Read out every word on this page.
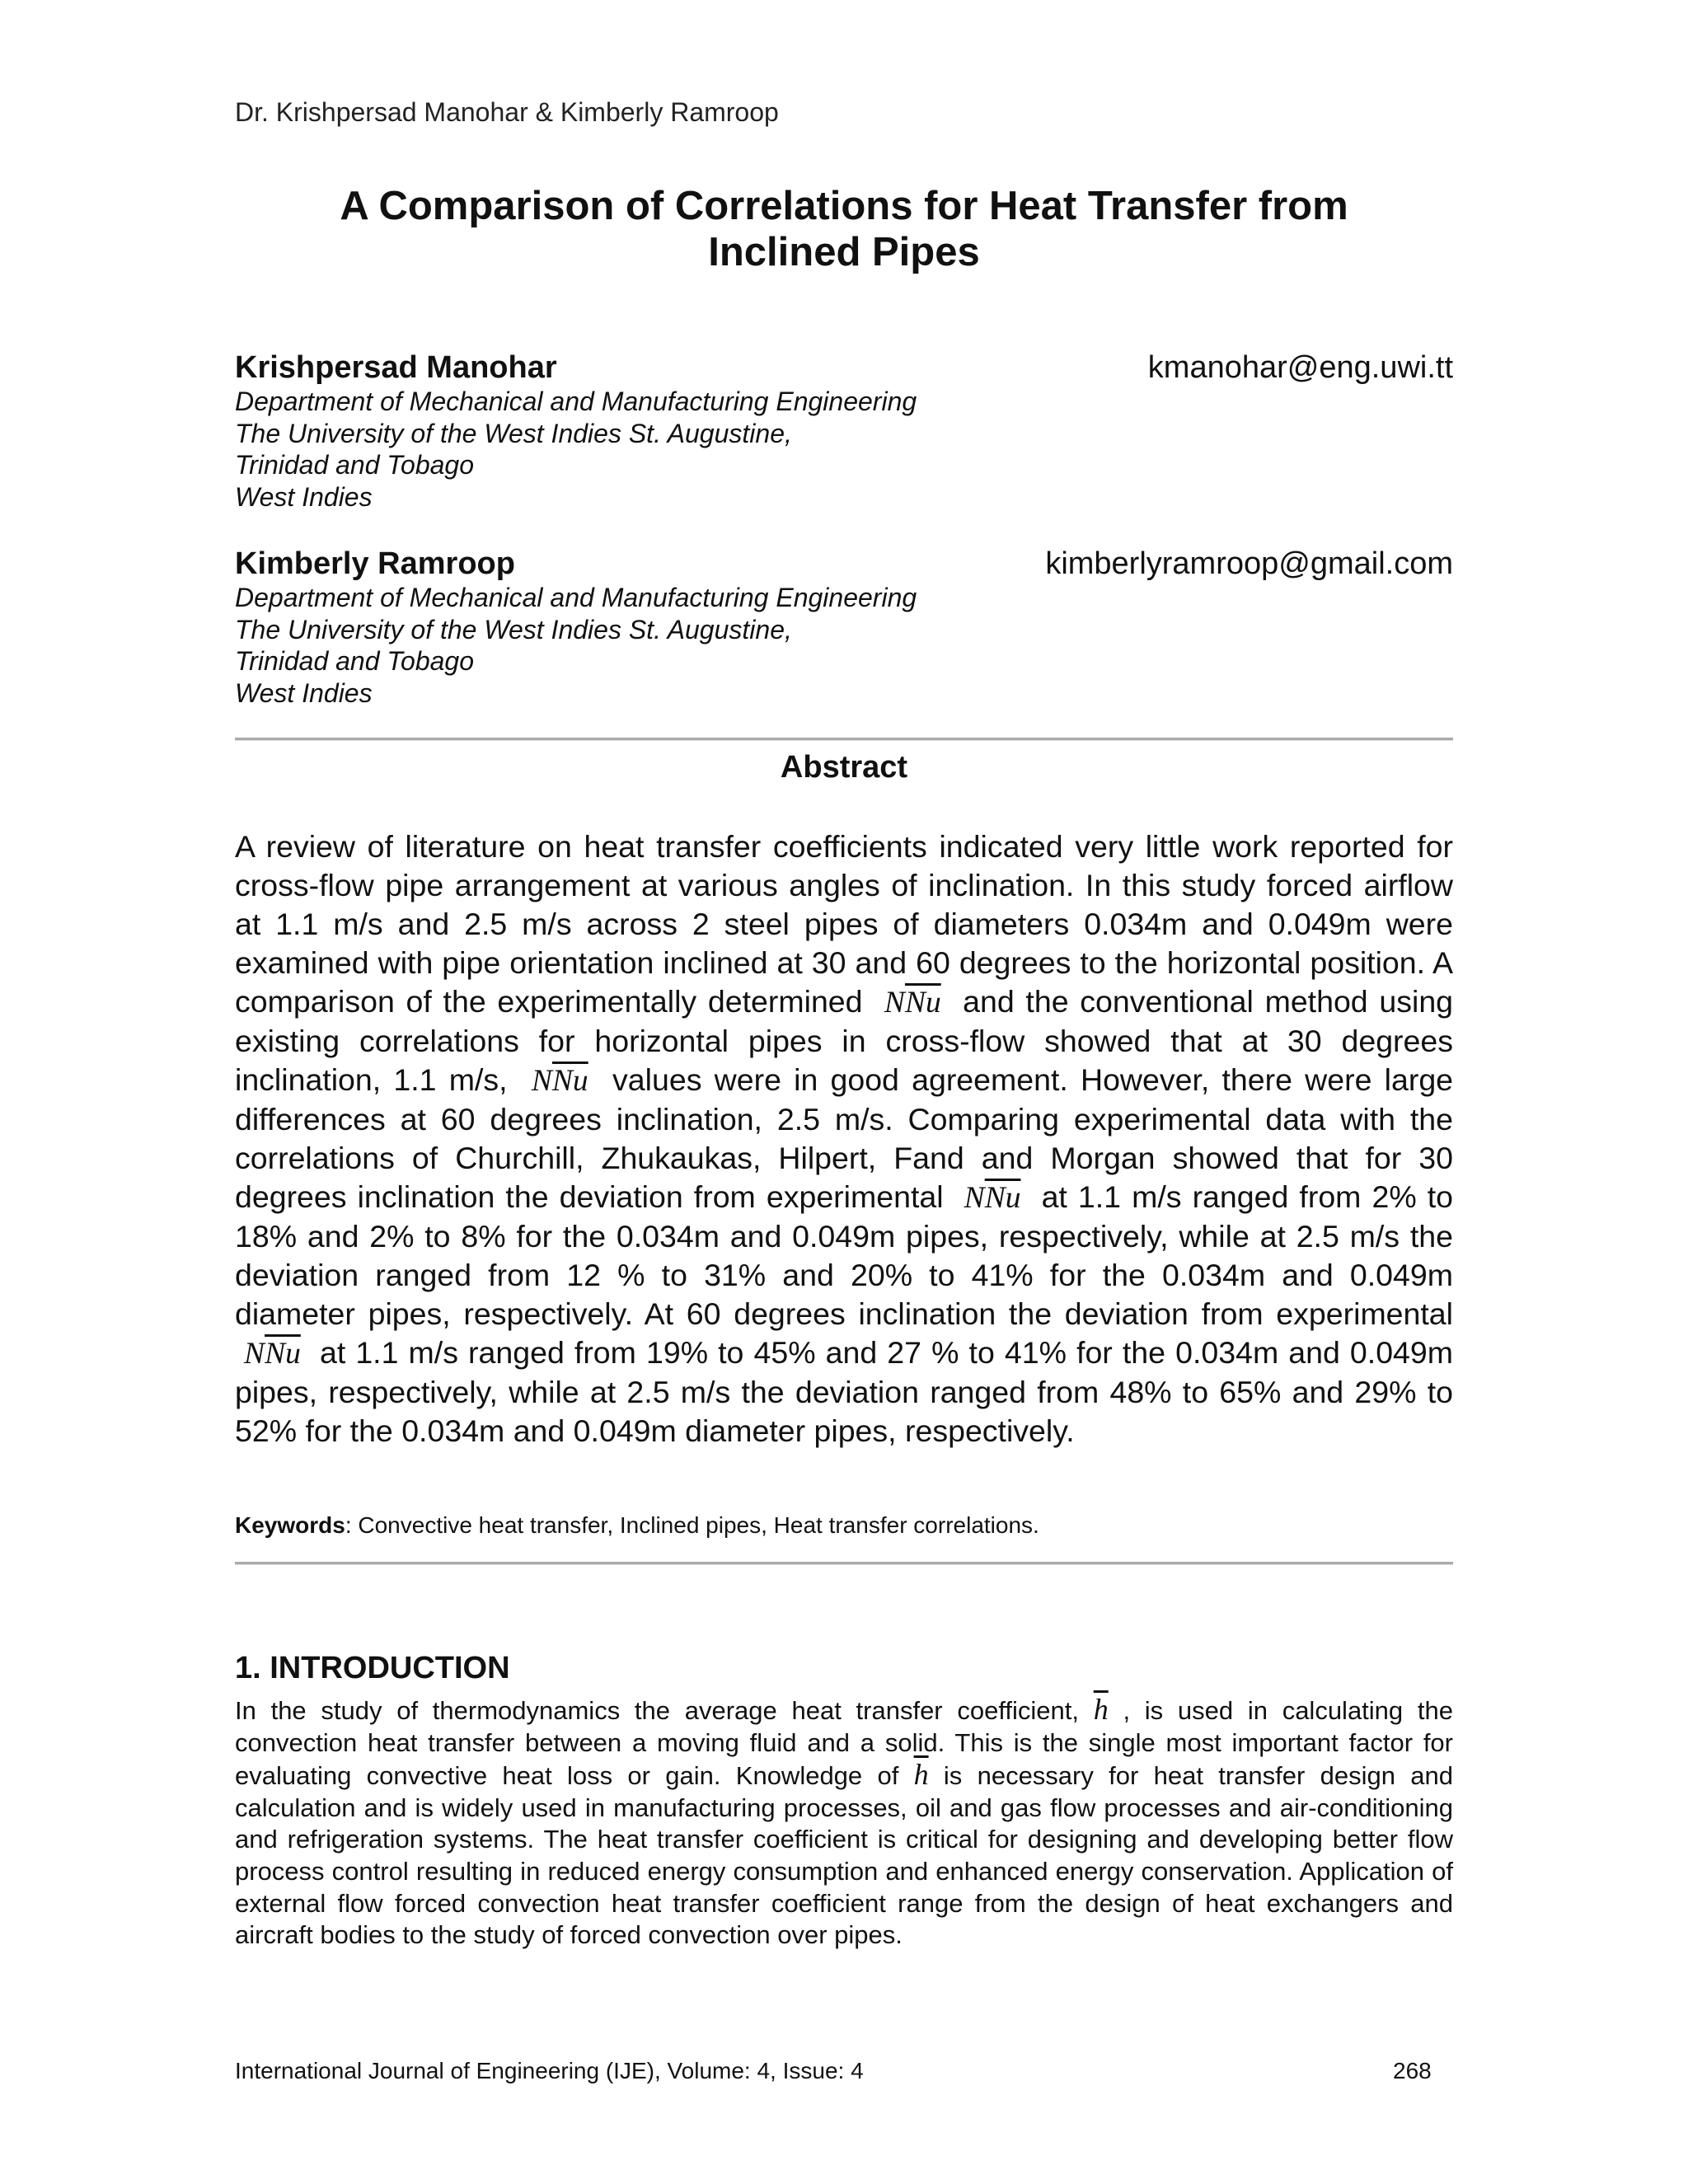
Dr. Krishpersad Manohar & Kimberly Ramroop
A Comparison of Correlations for Heat Transfer from
Inclined Pipes
Krishpersad Manohar	kmanohar@eng.uwi.tt
Department of Mechanical and Manufacturing Engineering
The University of the West Indies St. Augustine,
Trinidad and Tobago
West Indies
Kimberly Ramroop	kimberlyramroop@gmail.com
Department of Mechanical and Manufacturing Engineering
The University of the West Indies St. Augustine,
Trinidad and Tobago
West Indies
Abstract

A review of literature on heat transfer coefficients indicated very little work reported for cross-flow pipe arrangement at various angles of inclination. In this study forced airflow at 1.1 m/s and 2.5 m/s across 2 steel pipes of diameters 0.034m and 0.049m were examined with pipe orientation inclined at 30 and 60 degrees to the horizontal position. A comparison of the experimentally determined  $N\overline{Nu}$ and the conventional method using existing correlations for horizontal pipes in cross-flow showed that at 30 degrees inclination, 1.1 m/s,  $N\overline{Nu}$ values were in good agreement. However, there were large differences at 60 degrees inclination, 2.5 m/s. Comparing experimental data with the correlations of Churchill, Zhukaukas, Hilpert, Fand and Morgan showed that for 30 degrees inclination the deviation from experimental  $N\overline{Nu}$ at 1.1 m/s ranged from 2% to 18% and 2% to 8% for the 0.034m and 0.049m pipes, respectively, while at 2.5 m/s the deviation ranged from 12 % to 31% and 20% to 41% for the 0.034m and 0.049m diameter pipes, respectively. At 60 degrees inclination the deviation from experimental  $N\overline{Nu}$ at 1.1 m/s ranged from 19% to 45% and 27 % to 41% for the 0.034m and 0.049m pipes, respectively, while at 2.5 m/s the deviation ranged from 48% to 65% and 29% to 52% for the 0.034m and 0.049m diameter pipes, respectively.

Keywords: Convective heat transfer, Inclined pipes, Heat transfer correlations.
1. INTRODUCTION

In the study of thermodynamics the average heat transfer coefficient, $\overline{h}$ , is used in calculating the convection heat transfer between a moving fluid and a solid. This is the single most important factor for evaluating convective heat loss or gain. Knowledge of $\overline{h}$ is necessary for heat transfer design and calculation and is widely used in manufacturing processes, oil and gas flow processes and air-conditioning and refrigeration systems. The heat transfer coefficient is critical for designing and developing better flow process control resulting in reduced energy consumption and enhanced energy conservation. Application of external flow forced convection heat transfer coefficient range from the design of heat exchangers and aircraft bodies to the study of forced convection over pipes.

International Journal of Engineering (IJE), Volume: 4, Issue: 4	268
